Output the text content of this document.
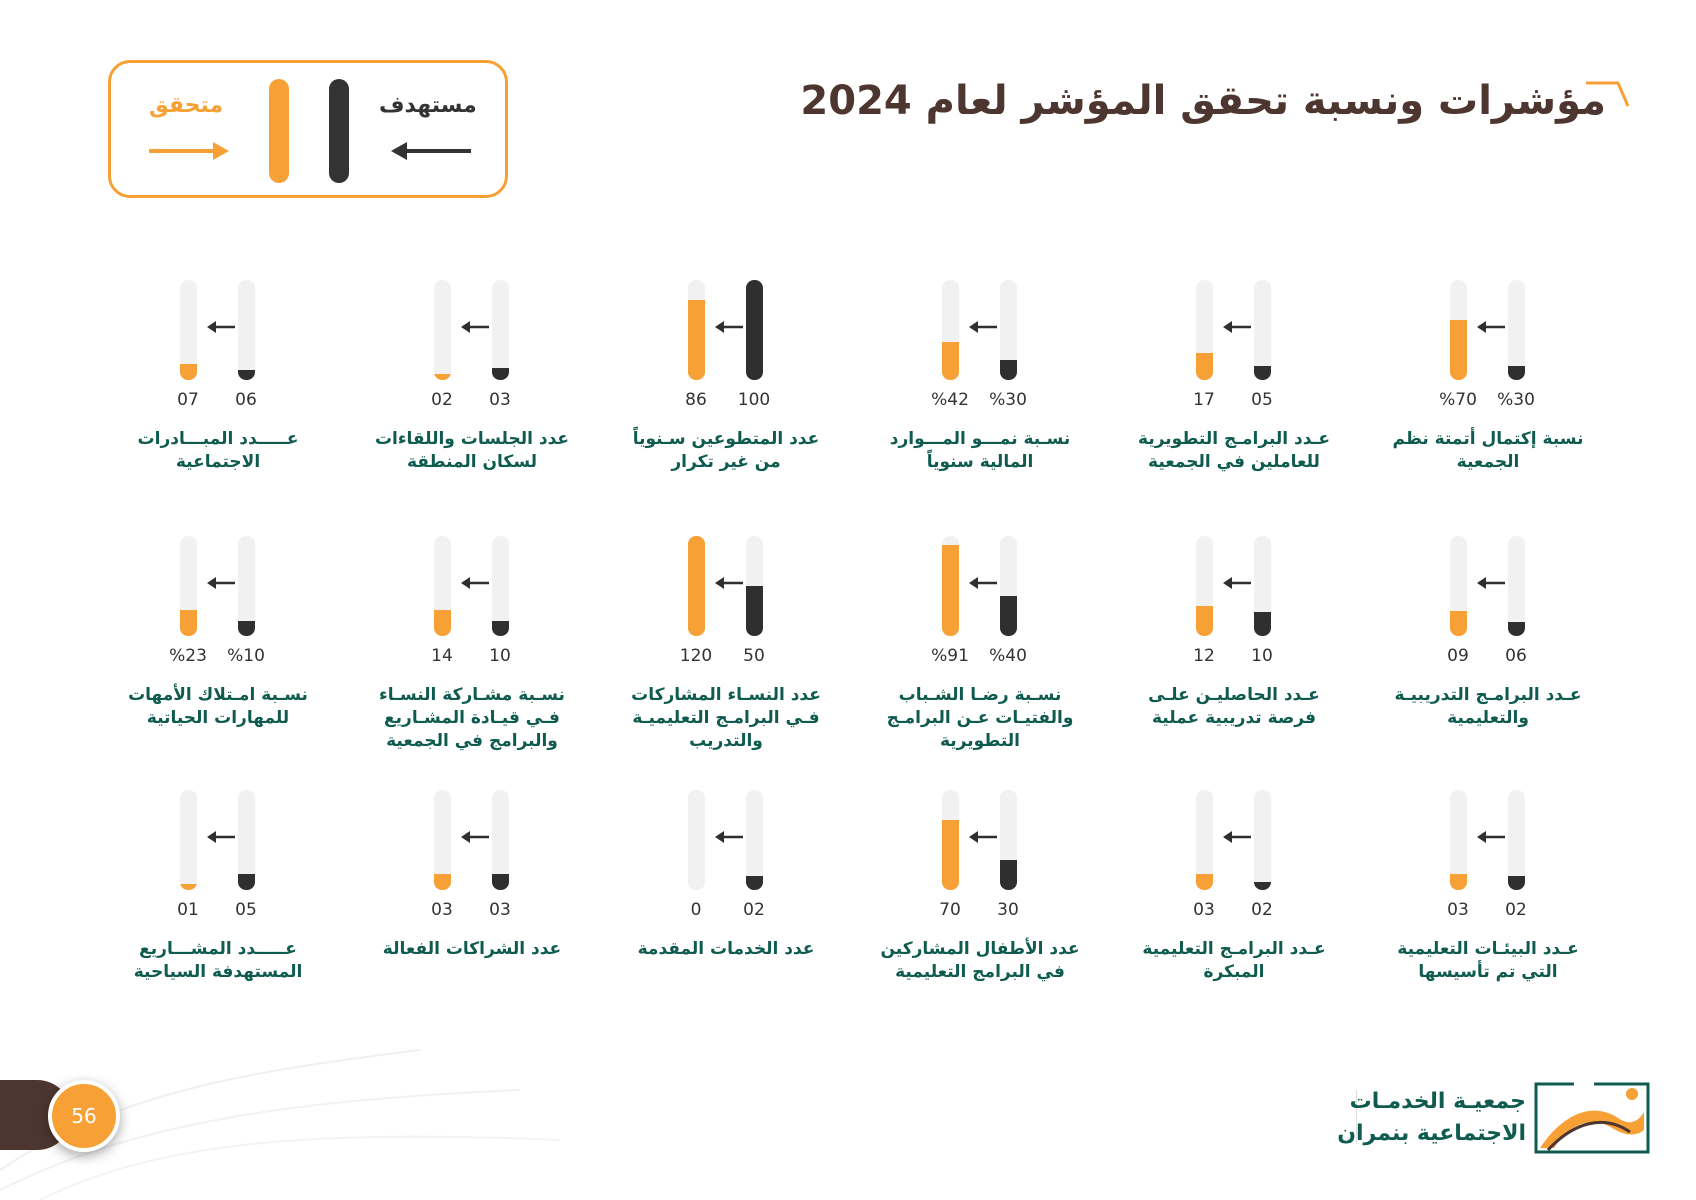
مؤشرات ونسبة تحقق المؤشر لعام 2024
متحقق	مستهدف
%70	%30
نسبة إكتمال أتمتة نظم الجمعية
17	05
عـدد البرامـج التطويرية للعاملين في الجمعية
%42	%30
نسـبة نمـــو المـــوارد المالية سنوياً
86	100
عدد المتطوعين سـنوياً من غير تكرار
02	03
عدد الجلسات واللقاءات لسكان المنطقة
07	06
عـــــدد المبـــادرات الاجتماعية
09	06
عـدد البرامـج التدريبيـة والتعليمية
12	10
عـدد الحاصليـن علـى فرصة تدريبية عملية
%91	%40
نسـبة رضـا الشـباب والفتيـات عـن البرامـج التطويرية
120	50
عدد النسـاء المشاركات فـي البرامـج التعليميـة والتدريب
14	10
نسـبة مشـاركة النسـاء فـي قيـادة المشـاريع والبرامج في الجمعية
%23	%10
نسـبة امـتلاك الأمهات للمهارات الحياتية
03	02
عـدد البيئـات التعليمية التي تم تأسيسها
03	02
عـدد البرامـج التعليمية المبكرة
70	30
عدد الأطفال المشاركين في البرامج التعليمية
0	02
عدد الخدمات المقدمة
03	03
عدد الشراكات الفعالة
01	05
عـــــدد المشـــاريع المستهدفة السياحية
56
جمعيـة الخدمـات
الاجتماعية بنمران
